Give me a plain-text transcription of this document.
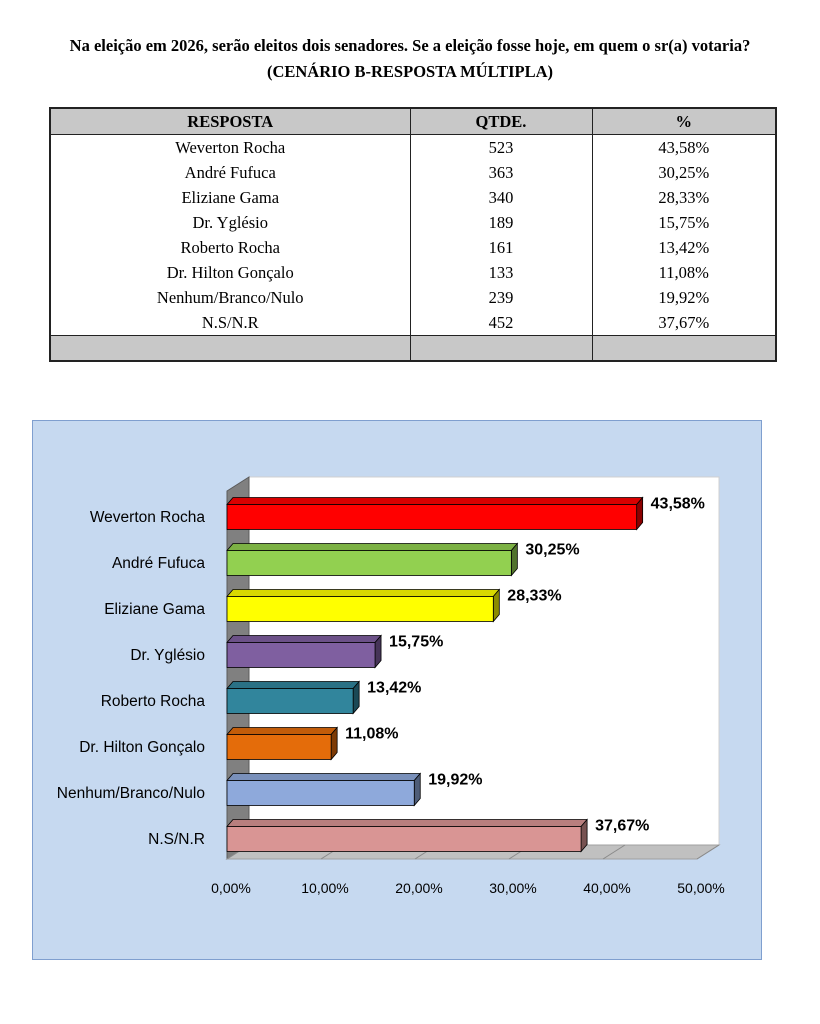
Na eleição em 2026, serão eleitos dois senadores. Se a eleição fosse hoje, em quem o sr(a) votaria?
(CENÁRIO B-RESPOSTA MÚLTIPLA)
RESPOSTA	QTDE.	%
Weverton Rocha	523	43,58%
André Fufuca	363	30,25%
Eliziane Gama	340	28,33%
Dr. Yglésio	189	15,75%
Roberto Rocha	161	13,42%
Dr. Hilton Gonçalo	133	11,08%
Nenhum/Branco/Nulo	239	19,92%
N.S/N.R	452	37,67%

Weverton Rocha
43,58%
André Fufuca
30,25%
Eliziane Gama
28,33%
Dr. Yglésio
15,75%
Roberto Rocha
13,42%
Dr. Hilton Gonçalo
11,08%
Nenhum/Branco/Nulo
19,92%
N.S/N.R
37,67%
0,00%	10,00%	20,00%	30,00%	40,00%	50,00%
